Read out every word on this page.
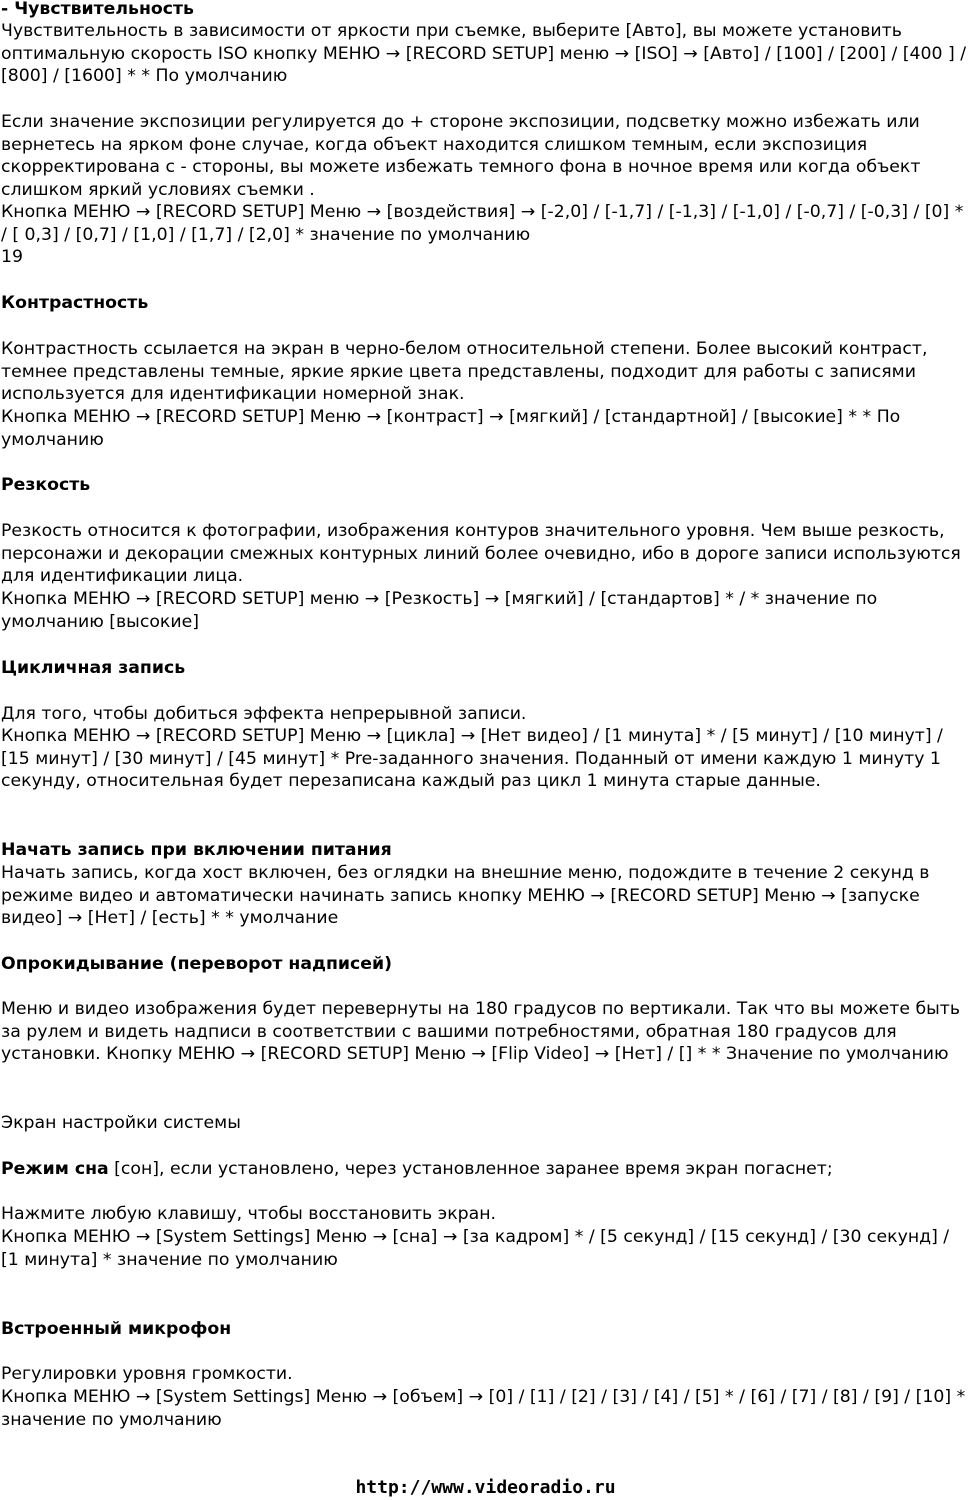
- Чувствительность

Чувствительность в зависимости от яркости при съемке, выберите [Авто], вы можете установить оптимальную скорость ISO кнопку МЕНЮ → [RECORD SETUP] меню → [ISO] → [Авто] / [100] / [200] / [400 ] / [800] / [1600] * * По умолчанию

Если значение экспозиции регулируется до + стороне экспозиции, подсветку можно избежать или вернетесь на ярком фоне случае, когда объект находится слишком темным, если экспозиция скорректирована с - стороны, вы можете избежать темного фона в ночное время или когда объект слишком яркий условиях съемки .

Кнопка МЕНЮ → [RECORD SETUP] Меню → [воздействия] → [-2,0] / [-1,7] / [-1,3] / [-1,0] / [-0,7] / [-0,3] / [0] * / [ 0,3] / [0,7] / [1,0] / [1,7] / [2,0] * значение по умолчанию

19

Контрастность

Контрастность ссылается на экран в черно-белом относительной степени. Более высокий контраст, темнее представлены темные, яркие яркие цвета представлены, подходит для работы с записями используется для идентификации номерной знак.

Кнопка МЕНЮ → [RECORD SETUP] Меню → [контраст] → [мягкий] / [стандартной] / [высокие] * * По умолчанию

Резкость

Резкость относится к фотографии, изображения контуров значительного уровня. Чем выше резкость, персонажи и декорации смежных контурных линий более очевидно, ибо в дороге записи используются для идентификации лица.

Кнопка МЕНЮ → [RECORD SETUP] меню → [Резкость] → [мягкий] / [стандартов] * / * значение по умолчанию [высокие]

Цикличная запись

Для того, чтобы добиться эффекта непрерывной записи.

Кнопка МЕНЮ → [RECORD SETUP] Меню → [цикла] → [Нет видео] / [1 минута] * / [5 минут] / [10 минут] / [15 минут] / [30 минут] / [45 минут] * Pre-заданного значения. Поданный от имени каждую 1 минуту 1 секунду, относительная будет перезаписана каждый раз цикл 1 минута старые данные.

Начать запись при включении питания

Начать запись, когда хост включен, без оглядки на внешние меню, подождите в течение 2 секунд в режиме видео и автоматически начинать запись кнопку МЕНЮ → [RECORD SETUP] Меню → [запуске видео] → [Нет] / [есть] * * умолчание

Опрокидывание (переворот надписей)

Меню и видео изображения будет перевернуты на 180 градусов по вертикали. Так что вы можете быть за рулем и видеть надписи в соответствии с вашими потребностями, обратная 180 градусов для установки. Кнопку МЕНЮ → [RECORD SETUP] Меню → [Flip Video] → [Нет] / [] * * Значение по умолчанию

Экран настройки системы

Режим сна [сон], если установлено, через установленное заранее время экран погаснет;

Нажмите любую клавишу, чтобы восстановить экран.

Кнопка МЕНЮ → [System Settings] Меню → [сна] → [за кадром] * / [5 секунд] / [15 секунд] / [30 секунд] / [1 минута] * значение по умолчанию

Встроенный микрофон

Регулировки уровня громкости.

Кнопка МЕНЮ → [System Settings] Меню → [объем] → [0] / [1] / [2] / [3] / [4] / [5] * / [6] / [7] / [8] / [9] / [10] * значение по умолчанию

http://www.videoradio.ru
